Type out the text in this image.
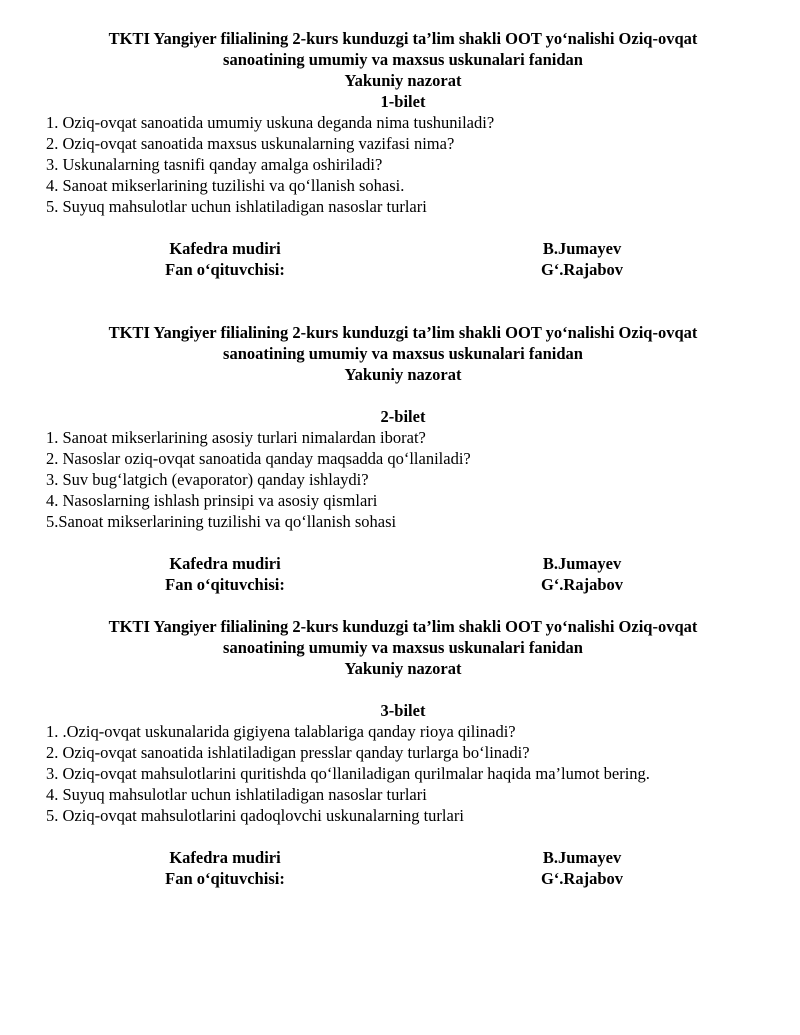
TKTI Yangiyer filialining 2-kurs kunduzgi ta’lim shakli OOT yo‘nalishi Oziq-ovqat
sanoatining umumiy va maxsus uskunalari fanidan
Yakuniy nazorat
1-bilet
1. Oziq-ovqat sanoatida umumiy uskuna deganda nima tushuniladi?
2. Oziq-ovqat sanoatida maxsus uskunalarning vazifasi nima?
3. Uskunalarning tasnifi qanday amalga oshiriladi?
4. Sanoat mikserlarining tuzilishi va qo‘llanish sohasi.
5. Suyuq mahsulotlar uchun ishlatiladigan nasoslar turlari
Kafedra mudiri	B.Jumayev
Fan o‘qituvchisi:	G‘.Rajabov
TKTI Yangiyer filialining 2-kurs kunduzgi ta’lim shakli OOT yo‘nalishi Oziq-ovqat
sanoatining umumiy va maxsus uskunalari fanidan
Yakuniy nazorat
2-bilet
1. Sanoat mikserlarining asosiy turlari nimalardan iborat?
2. Nasoslar oziq-ovqat sanoatida qanday maqsadda qo‘llaniladi?
3. Suv bug‘latgich (evaporator) qanday ishlaydi?
4. Nasoslarning ishlash prinsipi va asosiy qismlari
5.Sanoat mikserlarining tuzilishi va qo‘llanish sohasi
Kafedra mudiri	B.Jumayev
Fan o‘qituvchisi:	G‘.Rajabov
TKTI Yangiyer filialining 2-kurs kunduzgi ta’lim shakli OOT yo‘nalishi Oziq-ovqat
sanoatining umumiy va maxsus uskunalari fanidan
Yakuniy nazorat
3-bilet
1. .Oziq-ovqat uskunalarida gigiyena talablariga qanday rioya qilinadi?
2. Oziq-ovqat sanoatida ishlatiladigan presslar qanday turlarga bo‘linadi?
3. Oziq-ovqat mahsulotlarini quritishda qo‘llaniladigan qurilmalar haqida ma’lumot bering.
4. Suyuq mahsulotlar uchun ishlatiladigan nasoslar turlari
5. Oziq-ovqat mahsulotlarini qadoqlovchi uskunalarning turlari
Kafedra mudiri	B.Jumayev
Fan o‘qituvchisi:	G‘.Rajabov
